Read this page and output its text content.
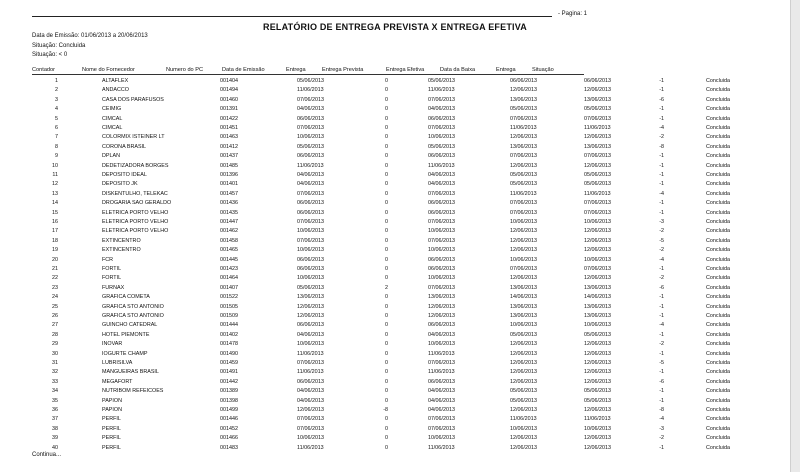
- Pagina: 1
RELATÓRIO DE ENTREGA PREVISTA X ENTREGA EFETIVA
Data de Emissão: 01/06/2013 a 20/06/2013
Situação: Concluida
Situação: < 0
Contador	Nome do Fornecedor	Numero do PC	Data de Emissão	Entrega	Entrega Prevista	Entrega Efetiva	Data da Baixa	Entrega	Situação
1	ALTAFLEX	001404	05/06/2013	0	05/06/2013	06/06/2013	06/06/2013	-1	Concluida
2	ANDACCO	001494	11/06/2013	0	11/06/2013	12/06/2013	12/06/2013	-1	Concluida
3	CASA DOS PARAFUSOS	001460	07/06/2013	0	07/06/2013	13/06/2013	13/06/2013	-6	Concluida
4	CEIMIG	001391	04/06/2013	0	04/06/2013	05/06/2013	05/06/2013	-1	Concluida
5	CIMCAL	001422	06/06/2013	0	06/06/2013	07/06/2013	07/06/2013	-1	Concluida
6	CIMCAL	001451	07/06/2013	0	07/06/2013	11/06/2013	11/06/2013	-4	Concluida
7	COLORMIX ISTEINER LT	001463	10/06/2013	0	10/06/2013	12/06/2013	12/06/2013	-2	Concluida
8	CORONA BRASIL	001412	05/06/2013	0	05/06/2013	13/06/2013	13/06/2013	-8	Concluida
9	DPLAN	001437	06/06/2013	0	06/06/2013	07/06/2013	07/06/2013	-1	Concluida
10	DEDETIZADORA BORGES	001485	11/06/2013	0	11/06/2013	12/06/2013	12/06/2013	-1	Concluida
11	DEPOSITO IDEAL	001396	04/06/2013	0	04/06/2013	05/06/2013	05/06/2013	-1	Concluida
12	DEPOSITO JK	001401	04/06/2013	0	04/06/2013	05/06/2013	05/06/2013	-1	Concluida
13	DISKENTULHO, TELEKAC	001457	07/06/2013	0	07/06/2013	11/06/2013	11/06/2013	-4	Concluida
14	DROGARIA SAO GERALDO	001436	06/06/2013	0	06/06/2013	07/06/2013	07/06/2013	-1	Concluida
15	ELETRICA PORTO VELHO	001435	06/06/2013	0	06/06/2013	07/06/2013	07/06/2013	-1	Concluida
16	ELETRICA PORTO VELHO	001447	07/06/2013	0	07/06/2013	10/06/2013	10/06/2013	-3	Concluida
17	ELETRICA PORTO VELHO	001462	10/06/2013	0	10/06/2013	12/06/2013	12/06/2013	-2	Concluida
18	EXTINCENTRO	001458	07/06/2013	0	07/06/2013	12/06/2013	12/06/2013	-5	Concluida
19	EXTINCENTRO	001465	10/06/2013	0	10/06/2013	12/06/2013	12/06/2013	-2	Concluida
20	FCR	001445	06/06/2013	0	06/06/2013	10/06/2013	10/06/2013	-4	Concluida
21	FORTIL	001423	06/06/2013	0	06/06/2013	07/06/2013	07/06/2013	-1	Concluida
22	FORTIL	001464	10/06/2013	0	10/06/2013	12/06/2013	12/06/2013	-2	Concluida
23	FURNAX	001407	05/06/2013	2	07/06/2013	13/06/2013	13/06/2013	-6	Concluida
24	GRAFICA COMETA	001522	13/06/2013	0	13/06/2013	14/06/2013	14/06/2013	-1	Concluida
25	GRAFICA STO ANTONIO	001505	12/06/2013	0	12/06/2013	13/06/2013	13/06/2013	-1	Concluida
26	GRAFICA STO ANTONIO	001509	12/06/2013	0	12/06/2013	13/06/2013	13/06/2013	-1	Concluida
27	GUINCHO CATEDRAL	001444	06/06/2013	0	06/06/2013	10/06/2013	10/06/2013	-4	Concluida
28	HOTEL PIEMONTE	001402	04/06/2013	0	04/06/2013	05/06/2013	05/06/2013	-1	Concluida
29	INOVAR	001478	10/06/2013	0	10/06/2013	12/06/2013	12/06/2013	-2	Concluida
30	IOGURTE CHAMP	001490	11/06/2013	0	11/06/2013	12/06/2013	12/06/2013	-1	Concluida
31	LUBRISILVA	001459	07/06/2013	0	07/06/2013	12/06/2013	12/06/2013	-5	Concluida
32	MANGUEIRAS BRASIL	001491	11/06/2013	0	11/06/2013	12/06/2013	12/06/2013	-1	Concluida
33	MEGAFORT	001442	06/06/2013	0	06/06/2013	12/06/2013	12/06/2013	-6	Concluida
34	NUTRIBOM REFEICOES	001389	04/06/2013	0	04/06/2013	05/06/2013	05/06/2013	-1	Concluida
35	PAPION	001398	04/06/2013	0	04/06/2013	05/06/2013	05/06/2013	-1	Concluida
36	PAPION	001499	12/06/2013	-8	04/06/2013	12/06/2013	12/06/2013	-8	Concluida
37	PERFIL	001446	07/06/2013	0	07/06/2013	11/06/2013	11/06/2013	-4	Concluida
38	PERFIL	001452	07/06/2013	0	07/06/2013	10/06/2013	10/06/2013	-3	Concluida
39	PERFIL	001466	10/06/2013	0	10/06/2013	12/06/2013	12/06/2013	-2	Concluida
40	PERFIL	001483	11/06/2013	0	11/06/2013	12/06/2013	12/06/2013	-1	Concluida
Continua...
